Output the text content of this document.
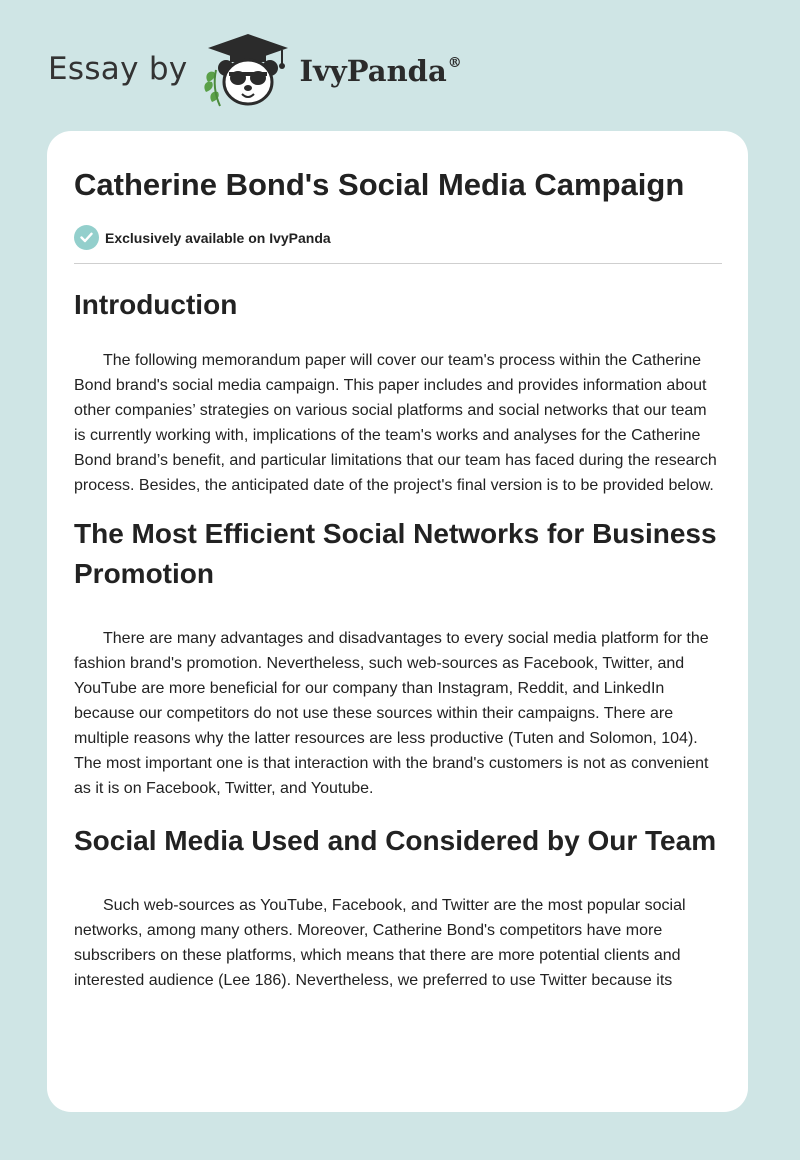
Essay by	IvyPanda®
Catherine Bond's Social Media Campaign
Exclusively available on IvyPanda
Introduction

The following memorandum paper will cover our team's process within the Catherine Bond brand's social media campaign. This paper includes and provides information about other companies’ strategies on various social platforms and social networks that our team is currently working with, implications of the team's works and analyses for the Catherine Bond brand’s benefit, and particular limitations that our team has faced during the research process. Besides, the anticipated date of the project's final version is to be provided below.

The Most Efficient Social Networks for Business Promotion

There are many advantages and disadvantages to every social media platform for the fashion brand's promotion. Nevertheless, such web-sources as Facebook, Twitter, and YouTube are more beneficial for our company than Instagram, Reddit, and LinkedIn because our competitors do not use these sources within their campaigns. There are multiple reasons why the latter resources are less productive (Tuten and Solomon, 104). The most important one is that interaction with the brand's customers is not as convenient as it is on Facebook, Twitter, and Youtube.

Social Media Used and Considered by Our Team

Such web-sources as YouTube, Facebook, and Twitter are the most popular social networks, among many others. Moreover, Catherine Bond's competitors have more subscribers on these platforms, which means that there are more potential clients and interested audience (Lee 186). Nevertheless, we preferred to use Twitter because its
